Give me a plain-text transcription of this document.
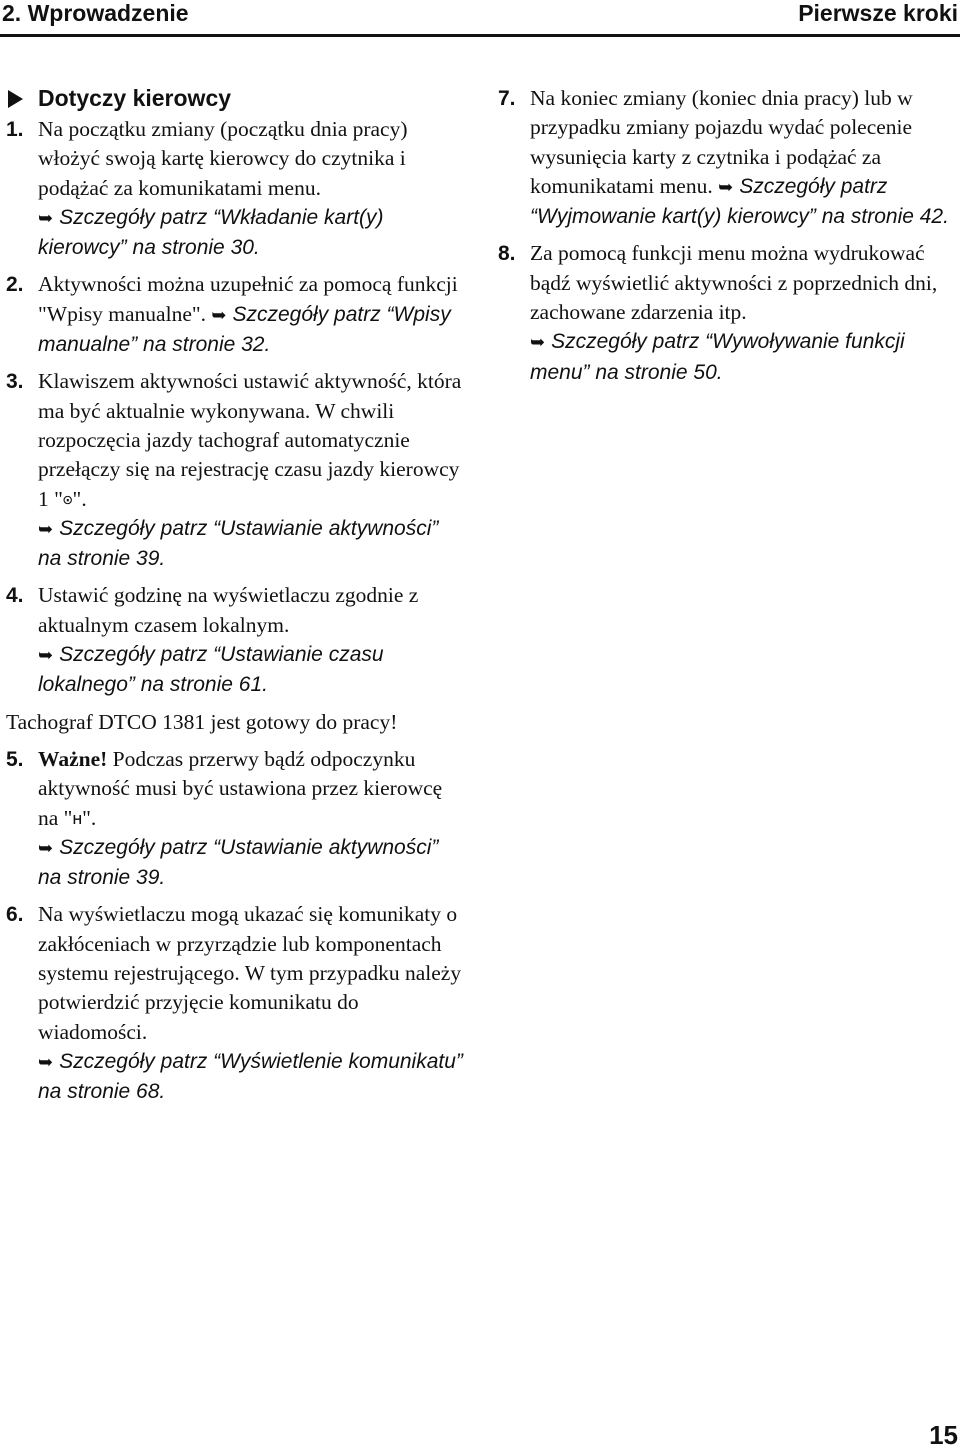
2. Wprowadzenie	Pierwsze kroki
Dotyczy kierowcy
1. Na początku zmiany (początku dnia pracy) włożyć swoją kartę kierowcy do czytnika i podążać za komunikatami menu.

➥ Szczegóły patrz “Wkładanie kart(y) kierowcy” na stronie 30.

2. Aktywności można uzupełnić za pomocą funkcji "Wpisy manualne". ➥ Szczegóły patrz “Wpisy manualne” na stronie 32.

3. Klawiszem aktywności ustawić aktywność, która ma być aktualnie wykonywana. W chwili rozpoczęcia jazdy tachograf automatycznie przełączy się na rejestrację czasu jazdy kierowcy 1 "⊙".

➥ Szczegóły patrz “Ustawianie aktywności” na stronie 39.

4. Ustawić godzinę na wyświetlaczu zgodnie z aktualnym czasem lokalnym.

➥ Szczegóły patrz “Ustawianie czasu lokalnego” na stronie 61.

Tachograf DTCO 1381 jest gotowy do pracy!

5. Ważne! Podczas przerwy bądź odpoczynku aktywność musi być ustawiona przez kierowcę na "ʜ".

➥ Szczegóły patrz “Ustawianie aktywności” na stronie 39.

6. Na wyświetlaczu mogą ukazać się komunikaty o zakłóceniach w przyrządzie lub komponentach systemu rejestrującego. W tym przypadku należy potwierdzić przyjęcie komunikatu do wiadomości.

➥ Szczegóły patrz “Wyświetlenie komunikatu” na stronie 68.

7. Na koniec zmiany (koniec dnia pracy) lub w przypadku zmiany pojazdu wydać polecenie wysunięcia karty z czytnika i podążać za komunikatami menu. ➥ Szczegóły patrz “Wyjmowanie kart(y) kierowcy” na stronie 42.

8. Za pomocą funkcji menu można wydrukować bądź wyświetlić aktywności z poprzednich dni, zachowane zdarzenia itp.

➥ Szczegóły patrz “Wywoływanie funkcji menu” na stronie 50.

15
